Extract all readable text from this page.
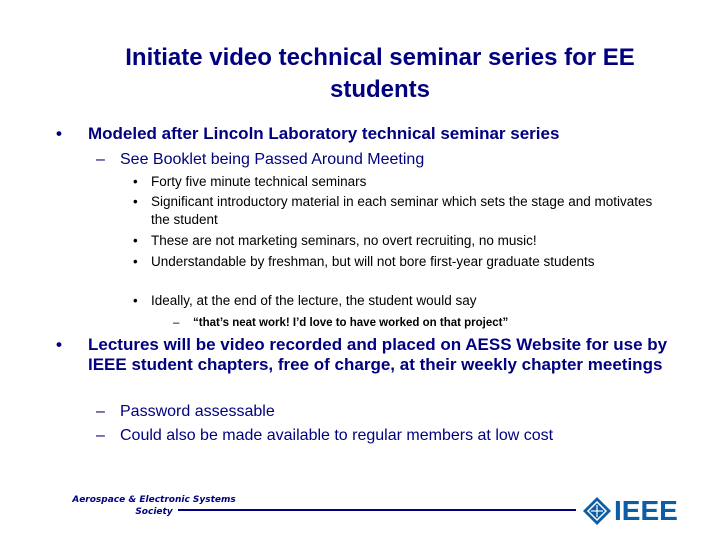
Initiate video technical seminar series for EE
students
• Modeled after Lincoln Laboratory technical seminar series
– See Booklet being Passed Around Meeting
• Forty five minute technical seminars
• Significant introductory material in each seminar which sets the stage and motivates the student
• These are not marketing seminars, no overt recruiting, no music!
• Understandable by freshman, but will not bore first-year graduate students
• Ideally, at the end of the lecture, the student would say
– “that’s neat work! I’d love to have worked on that project”
• Lectures will be video recorded and placed on AESS Website for use by IEEE student chapters, free of charge, at their weekly chapter meetings
– Password assessable
– Could also be made available to regular members at low cost
Aerospace & Electronic Systems
Society	IEEE
